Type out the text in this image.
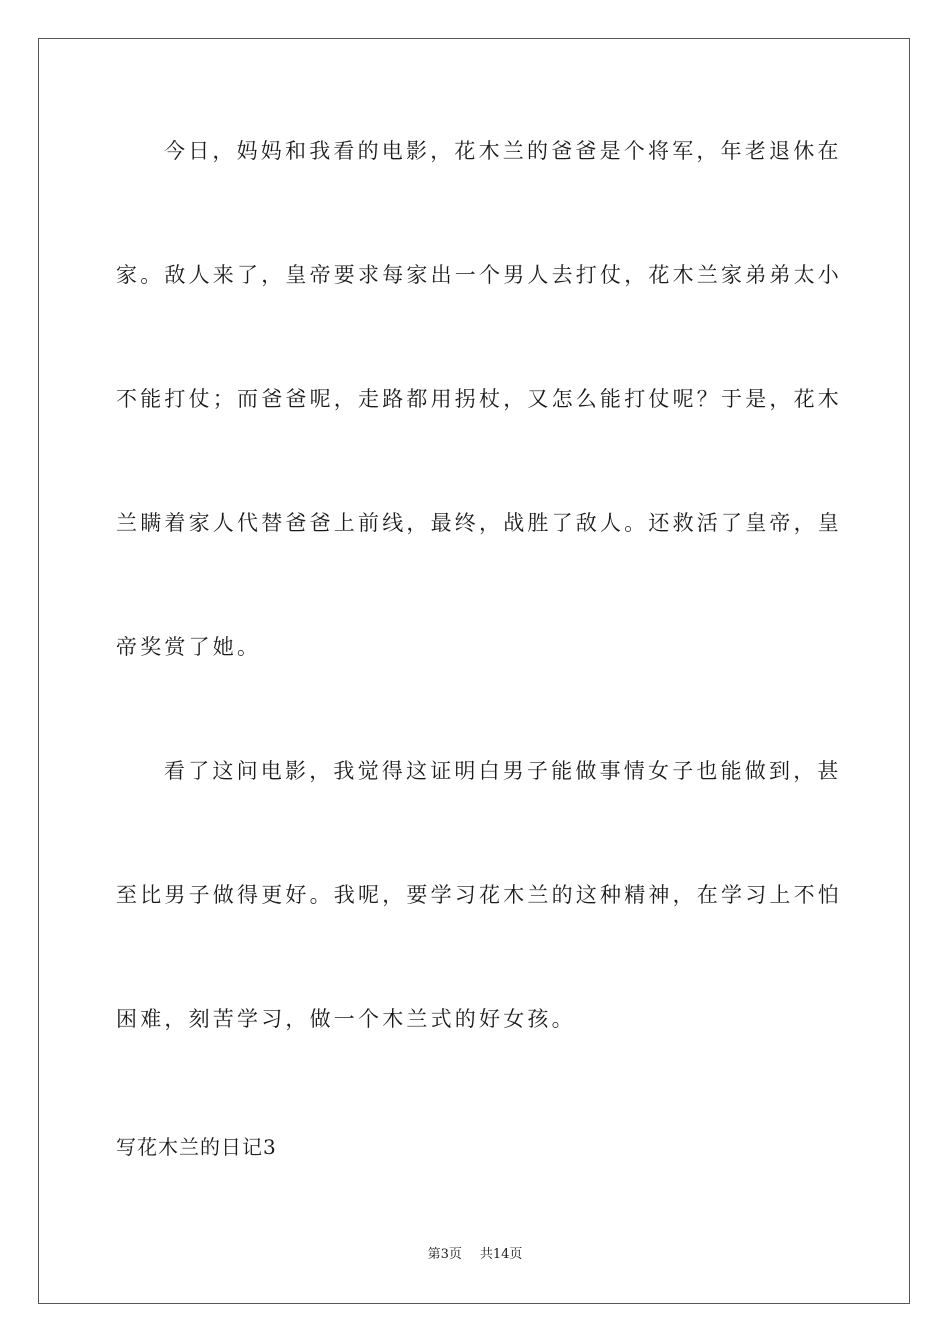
今日，妈妈和我看的电影，花木兰的爸爸是个将军，年老退休在
家。敌人来了，皇帝要求每家出一个男人去打仗，花木兰家弟弟太小
不能打仗；而爸爸呢，走路都用拐杖，又怎么能打仗呢？于是，花木
兰瞒着家人代替爸爸上前线，最终，战胜了敌人。还救活了皇帝，皇
帝奖赏了她。
看了这问电影，我觉得这证明白男子能做事情女子也能做到，甚
至比男子做得更好。我呢，要学习花木兰的这种精神，在学习上不怕
困难，刻苦学习，做一个木兰式的好女孩。
写花木兰的日记3
第3页 共14页
